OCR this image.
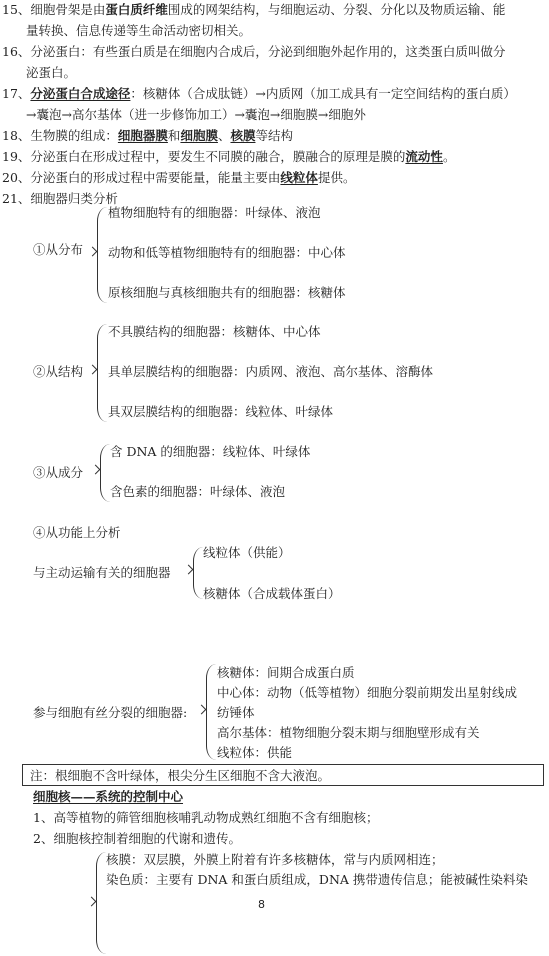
15、细胞骨架是由蛋白质纤维围成的网架结构，与细胞运动、分裂、分化以及物质运输、能
量转换、信息传递等生命活动密切相关。
16、分泌蛋白：有些蛋白质是在细胞内合成后，分泌到细胞外起作用的，这类蛋白质叫做分
泌蛋白。
17、分泌蛋白合成途径：核糖体（合成肽链）→内质网（加工成具有一定空间结构的蛋白质）
→囊泡→高尔基体（进一步修饰加工）→囊泡→细胞膜→细胞外
18、生物膜的组成：细胞器膜和细胞膜、核膜等结构
19、分泌蛋白在形成过程中，要发生不同膜的融合，膜融合的原理是膜的流动性。
20、分泌蛋白的形成过程中需要能量，能量主要由线粒体提供。
21、细胞器归类分析
①从分布
植物细胞特有的细胞器：叶绿体、液泡
动物和低等植物细胞特有的细胞器：中心体
原核细胞与真核细胞共有的细胞器：核糖体
②从结构
不具膜结构的细胞器：核糖体、中心体
具单层膜结构的细胞器：内质网、液泡、高尔基体、溶酶体
具双层膜结构的细胞器：线粒体、叶绿体
③从成分
含 DNA 的细胞器：线粒体、叶绿体
含色素的细胞器：叶绿体、液泡
④从功能上分析
与主动运输有关的细胞器
线粒体（供能）
核糖体（合成载体蛋白）
参与细胞有丝分裂的细胞器:
核糖体：间期合成蛋白质
中心体：动物（低等植物）细胞分裂前期发出星射线成
纺锤体
高尔基体：植物细胞分裂末期与细胞壁形成有关
线粒体：供能
注：根细胞不含叶绿体，根尖分生区细胞不含大液泡。
细胞核——系统的控制中心
1、高等植物的筛管细胞核哺乳动物成熟红细胞不含有细胞核；
2、细胞核控制着细胞的代谢和遗传。
核膜：双层膜，外膜上附着有许多核糖体，常与内质网相连；
染色质：主要有 DNA 和蛋白质组成，DNA 携带遗传信息；能被碱性染料染
8
